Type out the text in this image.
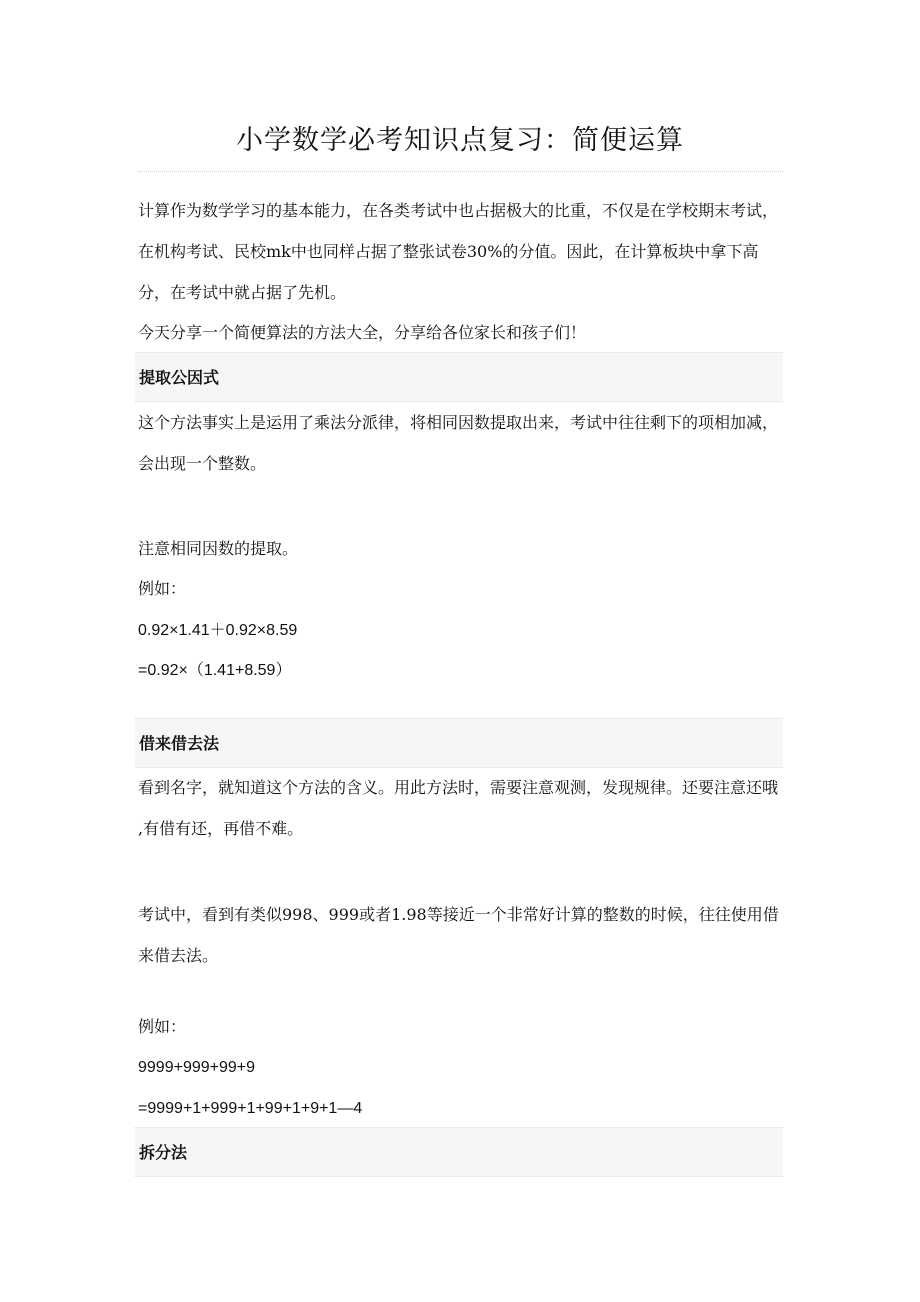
小学数学必考知识点复习：简便运算
计算作为数学学习的基本能力，在各类考试中也占据极大的比重，不仅是在学校期末考试，在机构考试、民校mk中也同样占据了整张试卷30%的分值。因此，在计算板块中拿下高分，在考试中就占据了先机。
今天分享一个简便算法的方法大全，分享给各位家长和孩子们！
提取公因式
这个方法事实上是运用了乘法分派律，将相同因数提取出来，考试中往往剩下的项相加减，会出现一个整数。
注意相同因数的提取。
例如：
0.92×1.41＋0.92×8.59
=0.92×（1.41+8.59）
借来借去法
看到名字，就知道这个方法的含义。用此方法时，需要注意观测，发现规律。还要注意还哦 ,有借有还，再借不难。
考试中，看到有类似998、999或者1.98等接近一个非常好计算的整数的时候，往往使用借来借去法。
例如：
9999+999+99+9
=9999+1+999+1+99+1+9+1—4
拆分法
